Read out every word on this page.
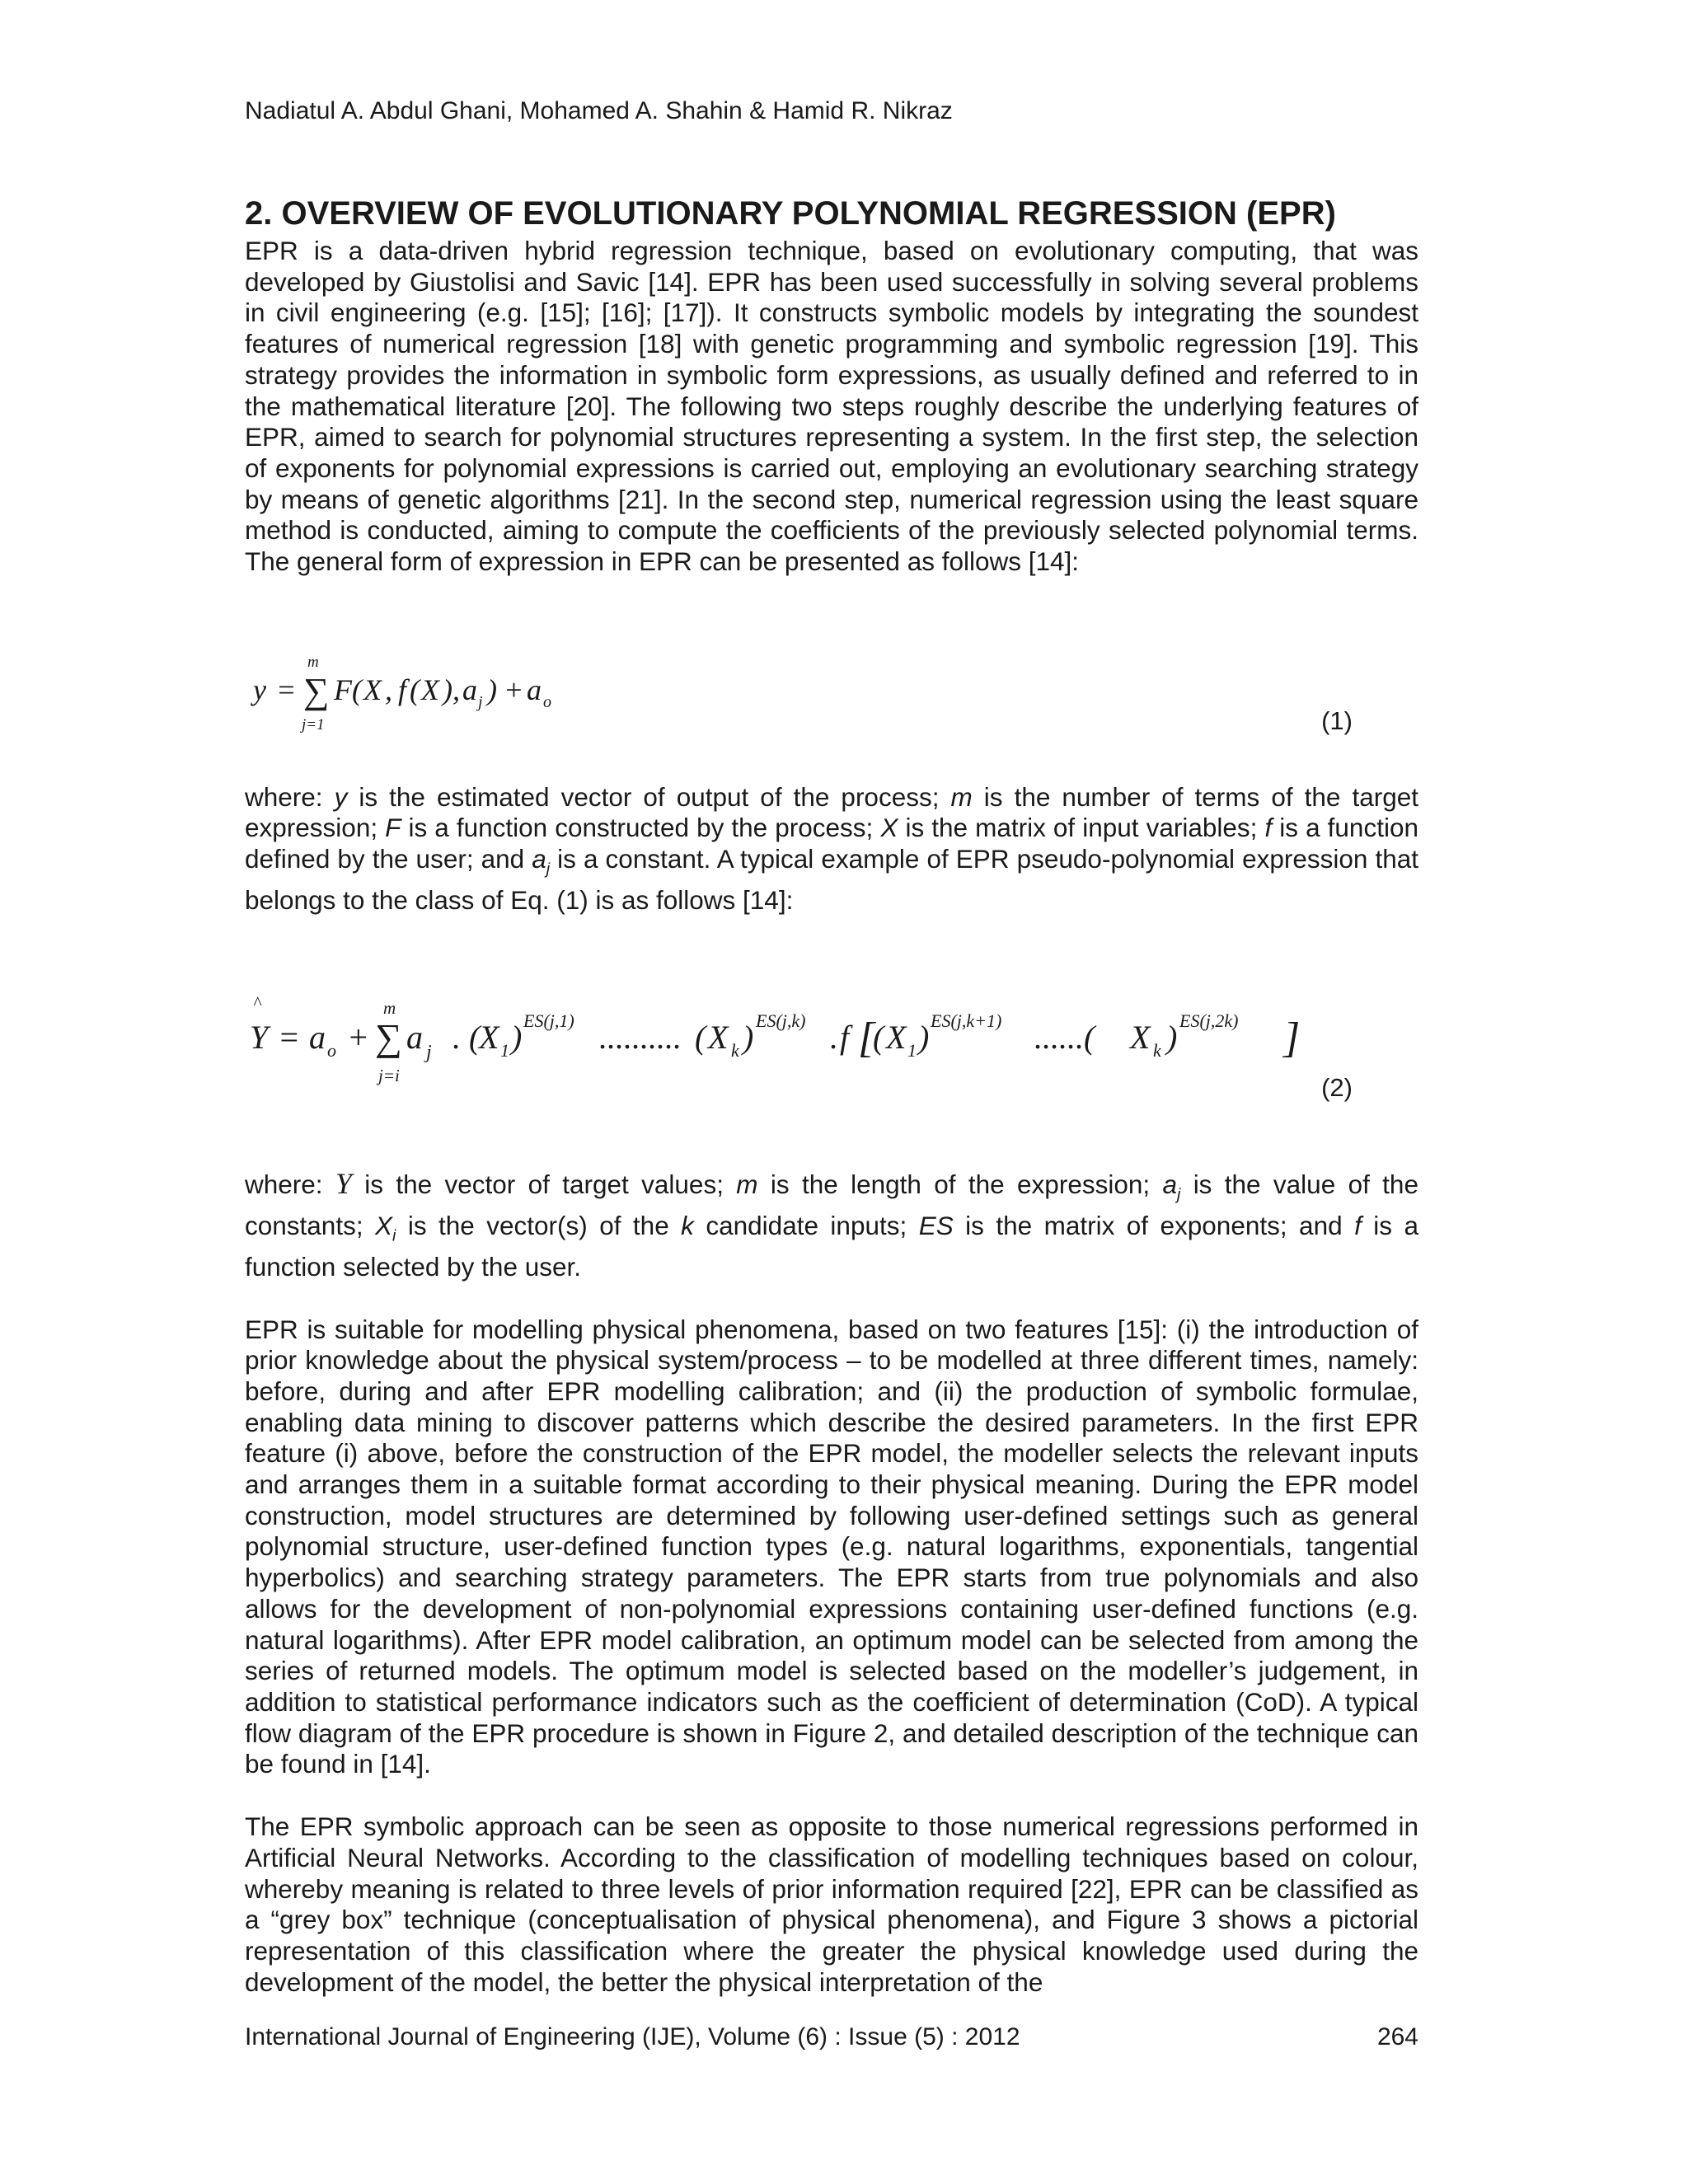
Nadiatul A. Abdul Ghani, Mohamed A. Shahin & Hamid R. Nikraz
2. OVERVIEW OF EVOLUTIONARY POLYNOMIAL REGRESSION (EPR)

EPR is a data-driven hybrid regression technique, based on evolutionary computing, that was developed by Giustolisi and Savic [14]. EPR has been used successfully in solving several problems in civil engineering (e.g. [15]; [16]; [17]). It constructs symbolic models by integrating the soundest features of numerical regression [18] with genetic programming and symbolic regression [19]. This strategy provides the information in symbolic form expressions, as usually defined and referred to in the mathematical literature [20]. The following two steps roughly describe the underlying features of EPR, aimed to search for polynomial structures representing a system. In the first step, the selection of exponents for polynomial expressions is carried out, employing an evolutionary searching strategy by means of genetic algorithms [21]. In the second step, numerical regression using the least square method is conducted, aiming to compute the coefficients of the previously selected polynomial terms. The general form of expression in EPR can be presented as follows [14]:

y = ∑
m
j=1
F ( X , f ( X ), a j ) + a o
(1)

where: y is the estimated vector of output of the process; m is the number of terms of the target expression; F is a function constructed by the process; X is the matrix of input variables; f is a function defined by the user; and $a_j$ is a constant. A typical example of EPR pseudo-polynomial expression that belongs to the class of Eq. (1) is as follows [14]:

^
Y = a o + ∑
m
j=i
a j . (
X 1 ) ES(j,1) .......... ( X k ) ES(j,k) . f [
( X 1 ) ES(j,k+1) ......( X k ) ES(j,2k) ]
(2)

where: Y is the vector of target values; m is the length of the expression; $a_j$ is the value of the constants; $X_i$ is the vector(s) of the k candidate inputs; ES is the matrix of exponents; and f is a function selected by the user.

EPR is suitable for modelling physical phenomena, based on two features [15]: (i) the introduction of prior knowledge about the physical system/process – to be modelled at three different times, namely: before, during and after EPR modelling calibration; and (ii) the production of symbolic formulae, enabling data mining to discover patterns which describe the desired parameters. In the first EPR feature (i) above, before the construction of the EPR model, the modeller selects the relevant inputs and arranges them in a suitable format according to their physical meaning. During the EPR model construction, model structures are determined by following user-defined settings such as general polynomial structure, user-defined function types (e.g. natural logarithms, exponentials, tangential hyperbolics) and searching strategy parameters. The EPR starts from true polynomials and also allows for the development of non-polynomial expressions containing user-defined functions (e.g. natural logarithms). After EPR model calibration, an optimum model can be selected from among the series of returned models. The optimum model is selected based on the modeller’s judgement, in addition to statistical performance indicators such as the coefficient of determination (CoD). A typical flow diagram of the EPR procedure is shown in Figure 2, and detailed description of the technique can be found in [14].

The EPR symbolic approach can be seen as opposite to those numerical regressions performed in Artificial Neural Networks. According to the classification of modelling techniques based on colour, whereby meaning is related to three levels of prior information required [22], EPR can be classified as a “grey box” technique (conceptualisation of physical phenomena), and Figure 3 shows a pictorial representation of this classification where the greater the physical knowledge used during the development of the model, the better the physical interpretation of the

International Journal of Engineering (IJE), Volume (6) : Issue (5) : 2012	264
